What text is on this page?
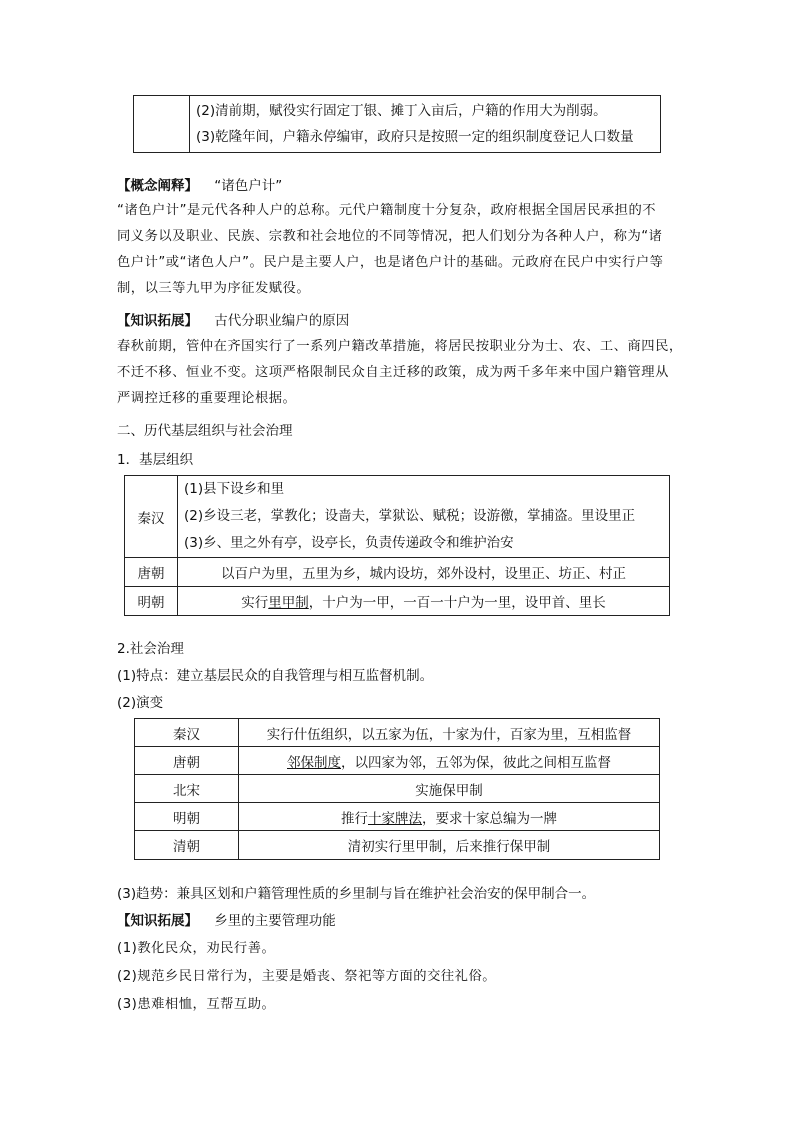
(2)清前期，赋役实行固定丁银、摊丁入亩后，户籍的作用大为削弱。
(3)乾隆年间，户籍永停编审，政府只是按照一定的组织制度登记人口数量
【概念阐释】 “诸色户计”
“诸色户计”是元代各种人户的总称。元代户籍制度十分复杂，政府根据全国居民承担的不
同义务以及职业、民族、宗教和社会地位的不同等情况，把人们划分为各种人户，称为“诸
色户计”或“诸色人户”。民户是主要人户，也是诸色户计的基础。元政府在民户中实行户等
制，以三等九甲为序征发赋役。
【知识拓展】 古代分职业编户的原因
春秋前期，管仲在齐国实行了一系列户籍改革措施，将居民按职业分为士、农、工、商四民，
不迁不移、恒业不变。这项严格限制民众自主迁移的政策，成为两千多年来中国户籍管理从
严调控迁移的重要理论根据。
二、历代基层组织与社会治理
1．基层组织
秦汉	(1)县下设乡和里
(2)乡设三老，掌教化；设啬夫，掌狱讼、赋税；设游徼，掌捕盗。里设里正
(3)乡、里之外有亭，设亭长，负责传递政令和维护治安

唐朝	以百户为里，五里为乡，城内设坊，郊外设村，设里正、坊正、村正
明朝	实行里甲制，十户为一甲，一百一十户为一里，设甲首、里长
2.社会治理
(1)特点：建立基层民众的自我管理与相互监督机制。
(2)演变
秦汉	实行什伍组织，以五家为伍，十家为什，百家为里，互相监督
唐朝	邻保制度，以四家为邻，五邻为保，彼此之间相互监督
北宋	实施保甲制
明朝	推行十家牌法，要求十家总编为一牌
清朝	清初实行里甲制，后来推行保甲制
(3)趋势：兼具区划和户籍管理性质的乡里制与旨在维护社会治安的保甲制合一。
【知识拓展】 乡里的主要管理功能
(1)教化民众，劝民行善。
(2)规范乡民日常行为，主要是婚丧、祭祀等方面的交往礼俗。
(3)患难相恤，互帮互助。
